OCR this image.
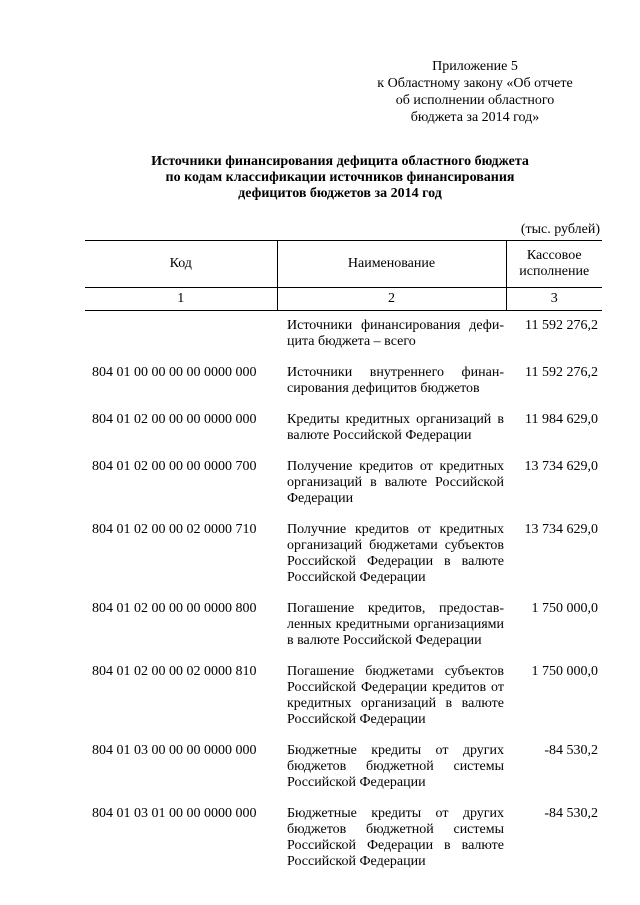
Приложение 5
к Областному закону «Об отчете
об исполнении областного
бюджета за 2014 год»
Источники финансирования дефицита областного бюджета
по кодам классификации источников финансирования
дефицитов бюджетов за 2014 год
(тыс. рублей)
Код	Наименование	Кассовое
исполнение
1	2	3
	Источники финансирования дефицита бюджета – всего	11 592 276,2
804 01 00 00 00 00 0000 000	Источники внутреннего финансирования дефицитов бюджетов	11 592 276,2
804 01 02 00 00 00 0000 000	Кредиты кредитных организаций в валюте Российской Федерации	11 984 629,0
804 01 02 00 00 00 0000 700	Получение кредитов от кредитных организаций в валюте Российской Федерации	13 734 629,0
804 01 02 00 00 02 0000 710	Получние кредитов от кредитных организаций бюджетами субъектов Российской Федерации в валюте Российской Федерации	13 734 629,0
804 01 02 00 00 00 0000 800	Погашение кредитов, предоставленных кредитными организациями в валюте Российской Федерации	1 750 000,0
804 01 02 00 00 02 0000 810	Погашение бюджетами субъектов Российской Федерации кредитов от кредитных организаций в валюте Российской Федерации	1 750 000,0
804 01 03 00 00 00 0000 000	Бюджетные кредиты от других бюджетов бюджетной системы Российской Федерации	-84 530,2
804 01 03 01 00 00 0000 000	Бюджетные кредиты от других бюджетов бюджетной системы Российской Федерации в валюте Российской Федерации	-84 530,2
